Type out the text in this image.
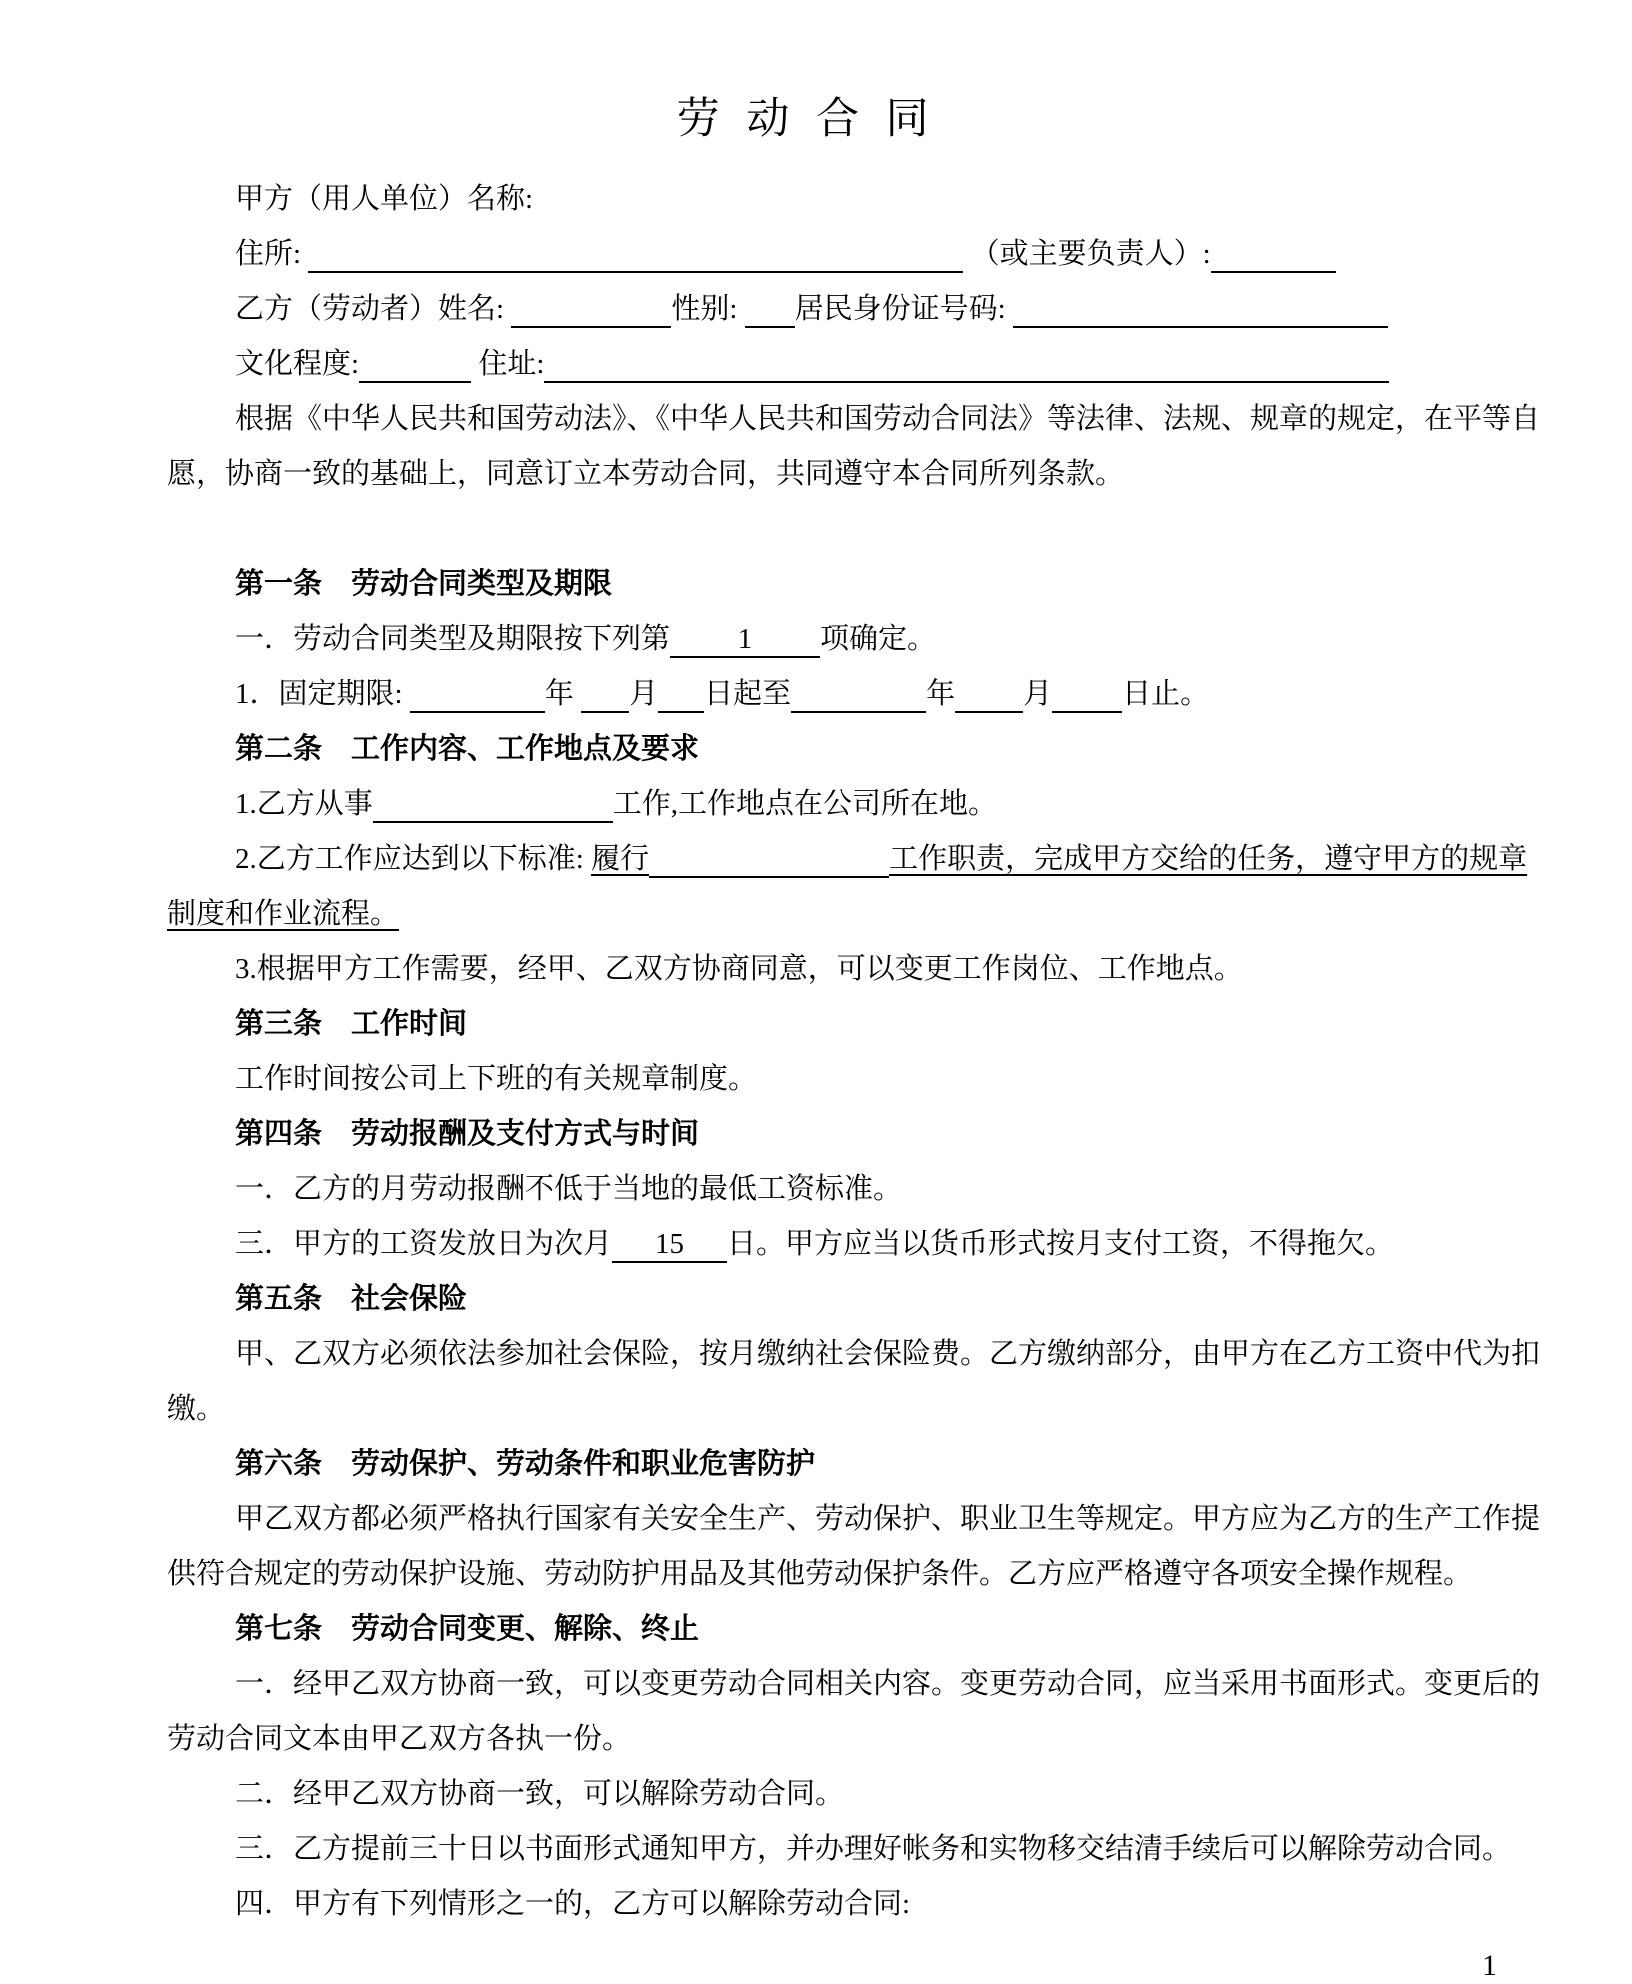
劳动合同
甲方（用人单位）名称:
住所:	（或主要负责人）:
乙方（劳动者）姓名:	性别:  居民身份证号码:
文化程度:	住址:
根据《中华人民共和国劳动法》、《中华人民共和国劳动合同法》等法律、法规、规章的规定，在平等自
愿，协商一致的基础上，同意订立本劳动合同，共同遵守本合同所列条款。

第一条　劳动合同类型及期限
一．劳动合同类型及期限按下列第 1 项确定。
1．固定期限:	年  月 日起至	年 月 日止。
第二条　工作内容、工作地点及要求
1.乙方从事	工作,工作地点在公司所在地。
2.乙方工作应达到以下标准: 履行	工作职责，完成甲方交给的任务，遵守甲方的规章
制度和作业流程。
3.根据甲方工作需要，经甲、乙双方协商同意，可以变更工作岗位、工作地点。
第三条　工作时间
工作时间按公司上下班的有关规章制度。
第四条　劳动报酬及支付方式与时间
一．乙方的月劳动报酬不低于当地的最低工资标准。
三．甲方的工资发放日为次月 15 日。甲方应当以货币形式按月支付工资，不得拖欠。
第五条　社会保险
甲、乙双方必须依法参加社会保险，按月缴纳社会保险费。乙方缴纳部分，由甲方在乙方工资中代为扣
缴。
第六条　劳动保护、劳动条件和职业危害防护
甲乙双方都必须严格执行国家有关安全生产、劳动保护、职业卫生等规定。甲方应为乙方的生产工作提
供符合规定的劳动保护设施、劳动防护用品及其他劳动保护条件。乙方应严格遵守各项安全操作规程。
第七条　劳动合同变更、解除、终止
一．经甲乙双方协商一致，可以变更劳动合同相关内容。变更劳动合同，应当采用书面形式。变更后的
劳动合同文本由甲乙双方各执一份。
二．经甲乙双方协商一致，可以解除劳动合同。
三．乙方提前三十日以书面形式通知甲方，并办理好帐务和实物移交结清手续后可以解除劳动合同。
四．甲方有下列情形之一的，乙方可以解除劳动合同:
1
